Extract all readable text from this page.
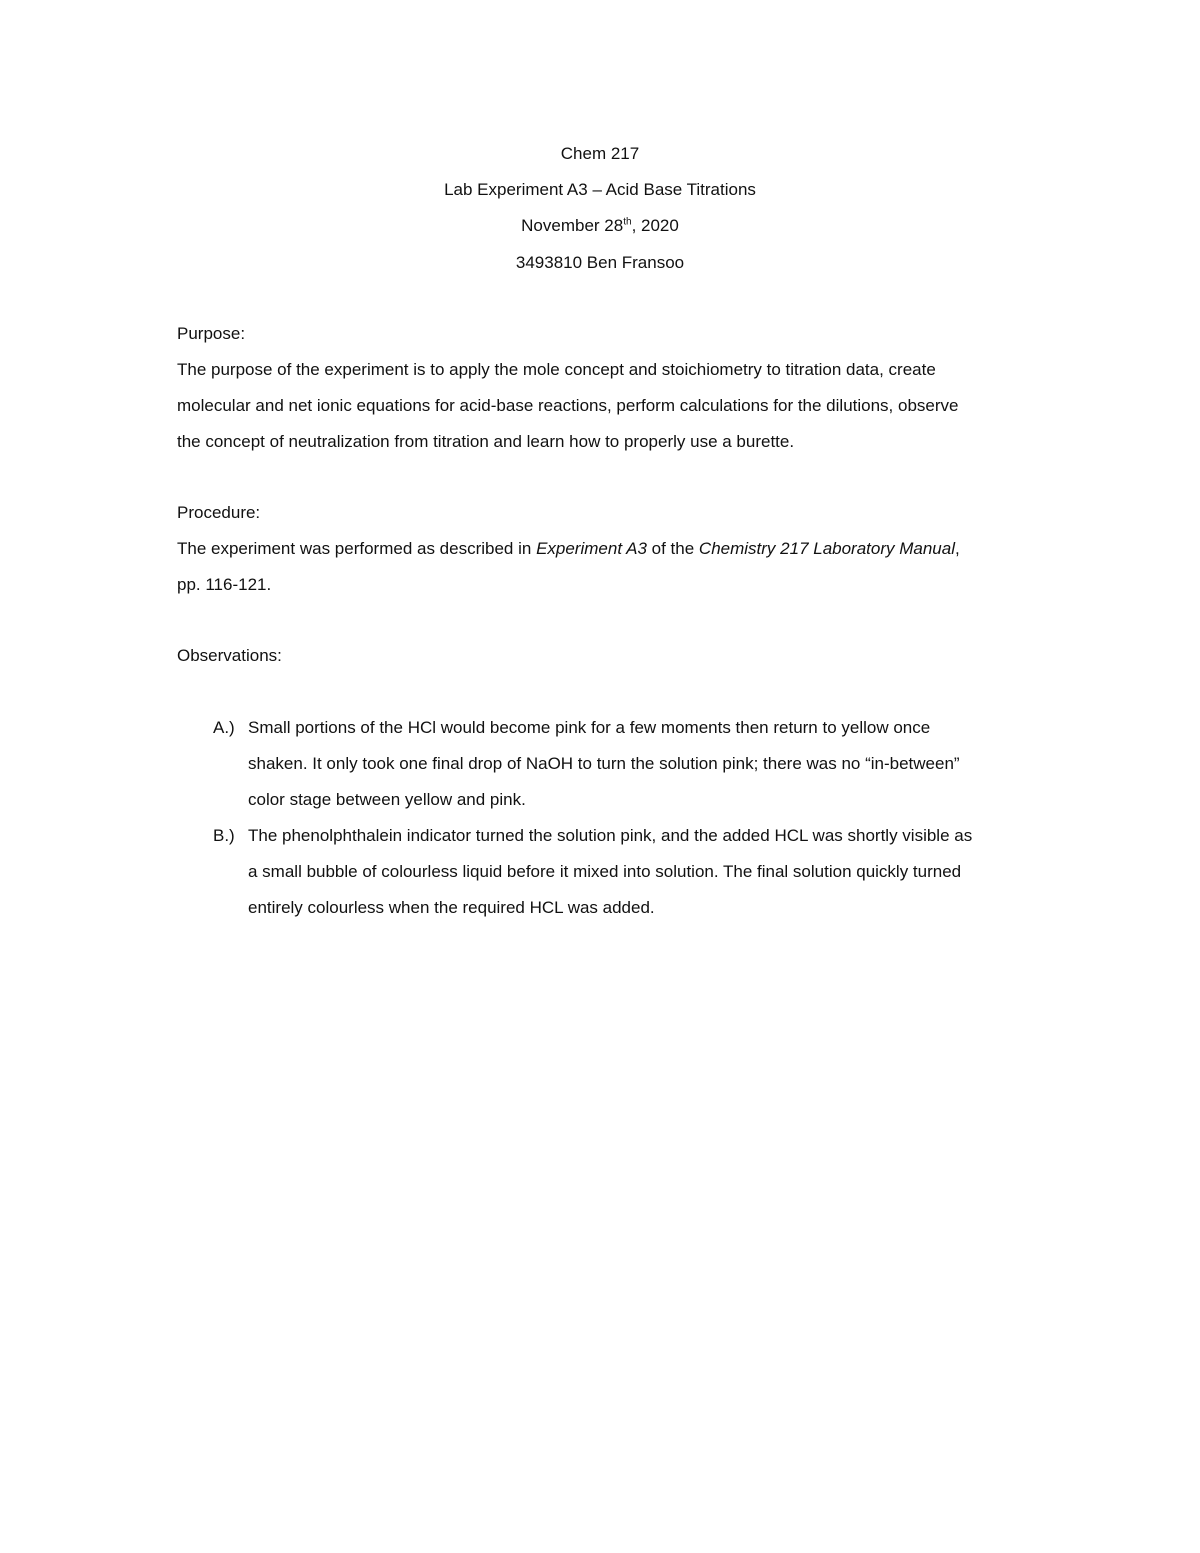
Chem 217
Lab Experiment A3 – Acid Base Titrations
November 28th, 2020
3493810 Ben Fransoo
Purpose:
The purpose of the experiment is to apply the mole concept and stoichiometry to titration data, create
molecular and net ionic equations for acid-base reactions, perform calculations for the dilutions, observe
the concept of neutralization from titration and learn how to properly use a burette.
Procedure:
The experiment was performed as described in Experiment A3 of the Chemistry 217 Laboratory Manual,
pp. 116-121.
Observations:
A.) Small portions of the HCl would become pink for a few moments then return to yellow once
shaken. It only took one final drop of NaOH to turn the solution pink; there was no “in-between”
color stage between yellow and pink.
B.) The phenolphthalein indicator turned the solution pink, and the added HCL was shortly visible as
a small bubble of colourless liquid before it mixed into solution. The final solution quickly turned
entirely colourless when the required HCL was added.
